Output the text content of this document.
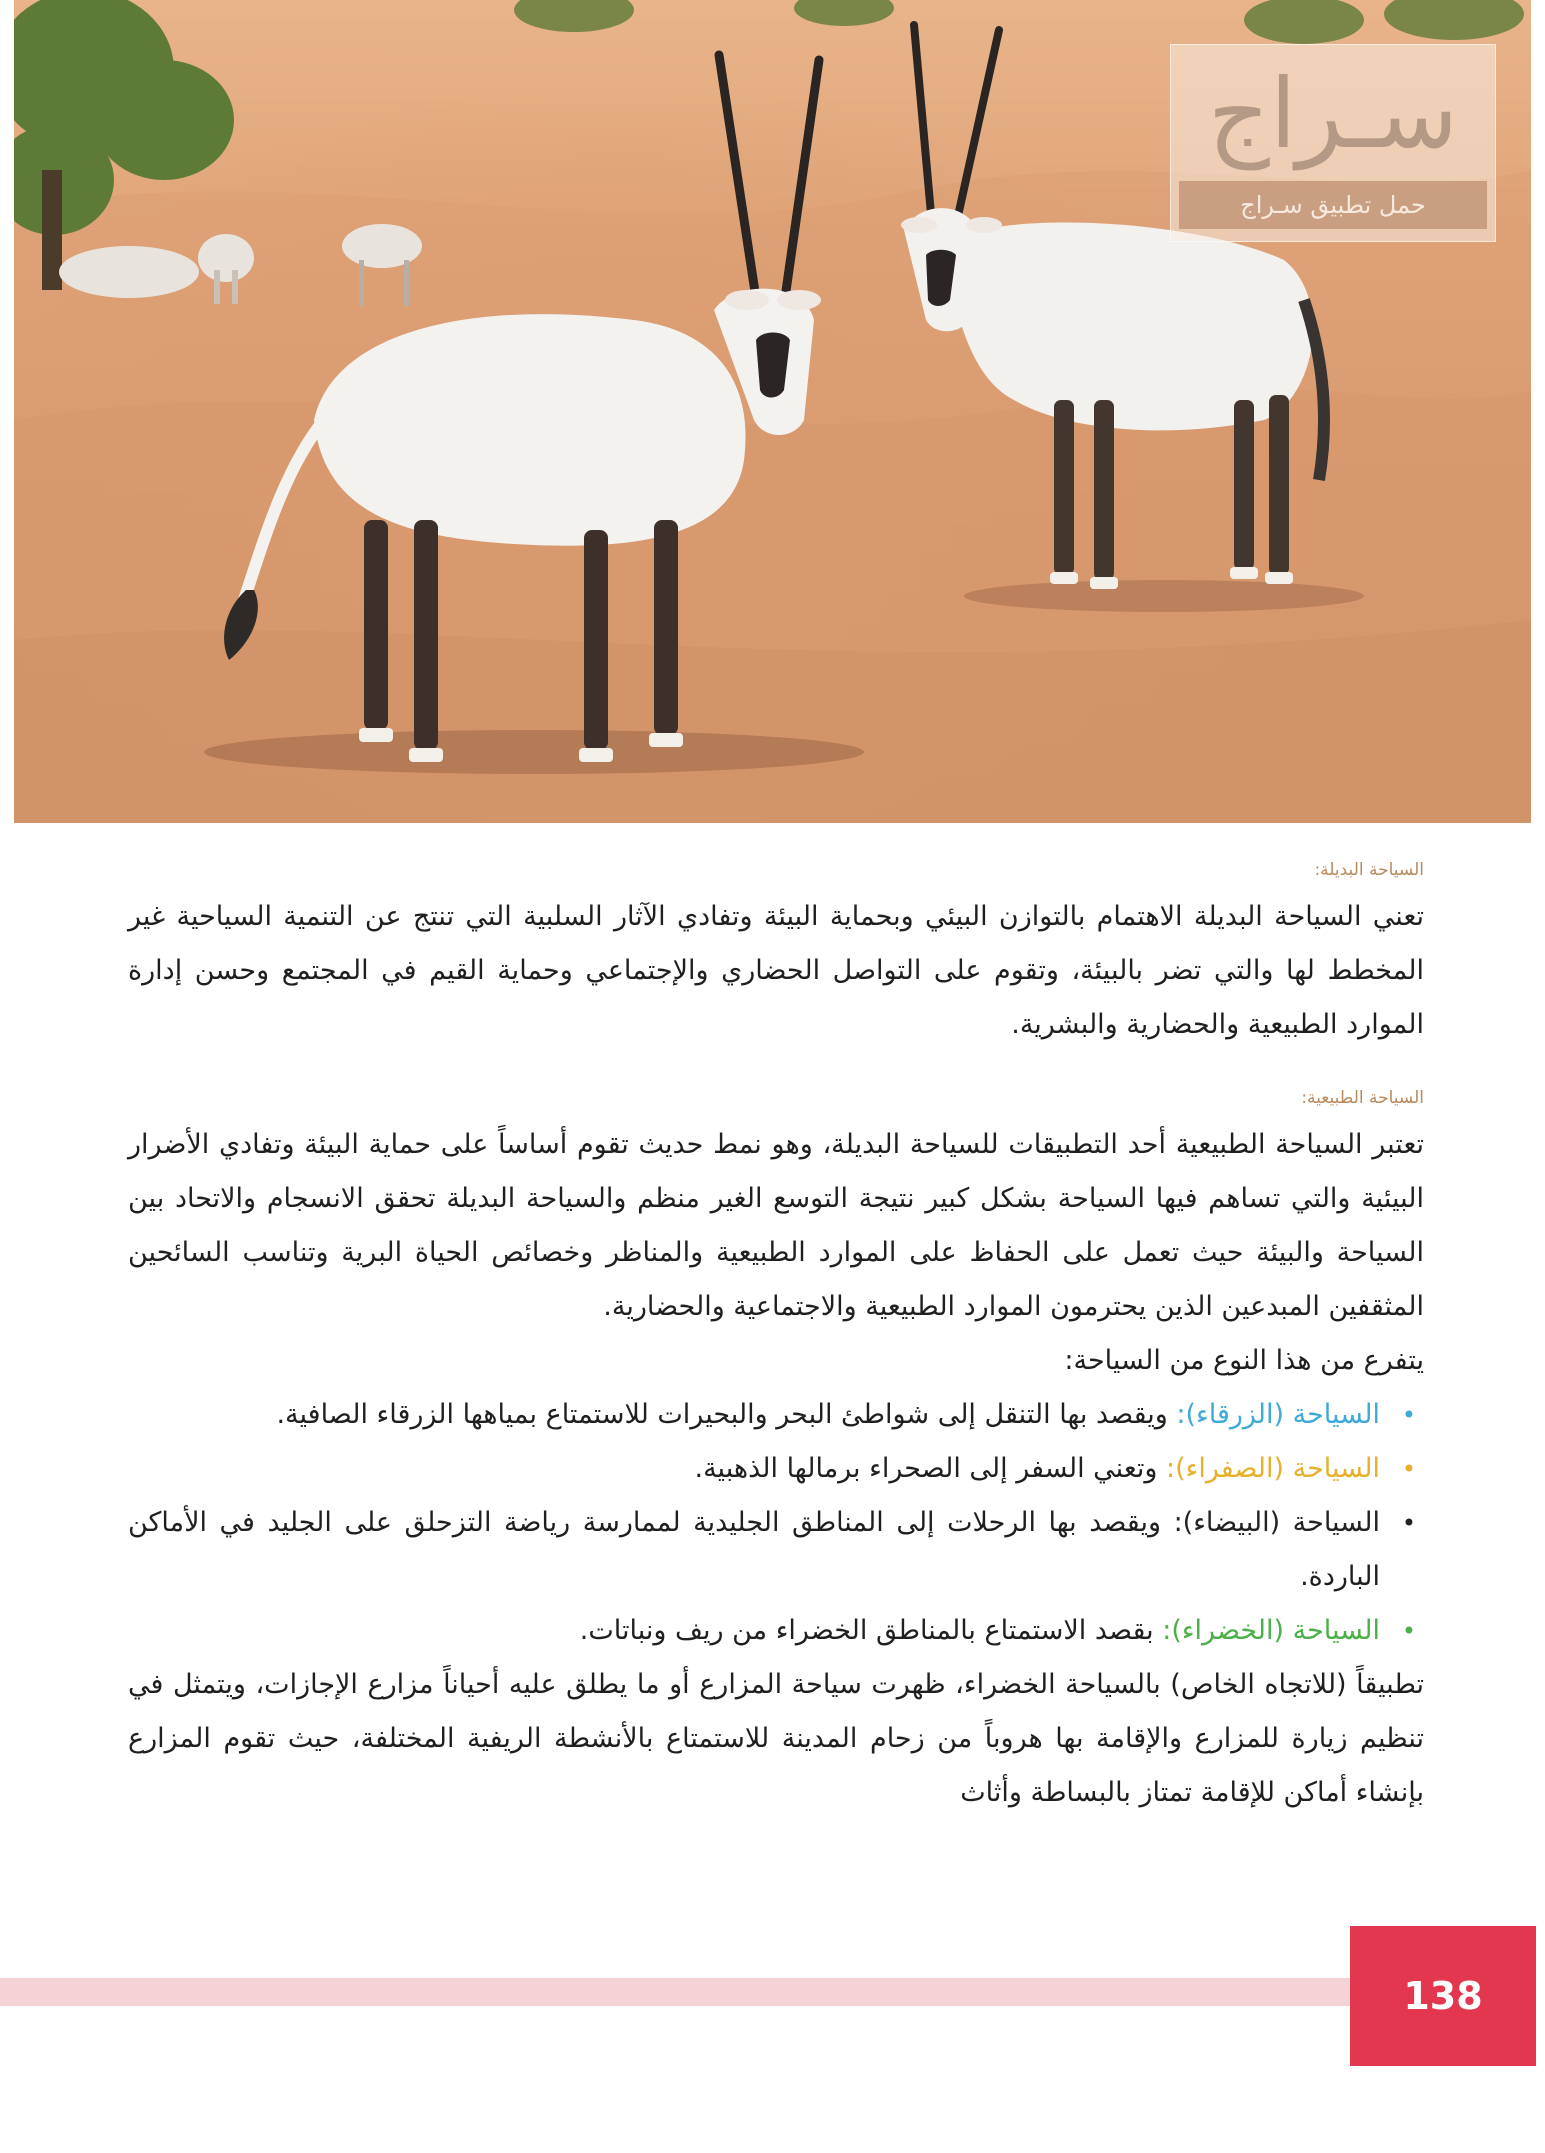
سـراج
حمل تطبيق سـراج
السياحة البديلة:

تعني السياحة البديلة الاهتمام بالتوازن البيئي وبحماية البيئة وتفادي الآثار السلبية التي تنتج عن التنمية السياحية غير المخطط لها والتي تضر بالبيئة، وتقوم على التواصل الحضاري والإجتماعي وحماية القيم في المجتمع وحسن إدارة الموارد الطبيعية والحضارية والبشرية.

السياحة الطبيعية:

تعتبر السياحة الطبيعية أحد التطبيقات للسياحة البديلة، وهو نمط حديث تقوم أساساً على حماية البيئة وتفادي الأضرار البيئية والتي تساهم فيها السياحة بشكل كبير نتيجة التوسع الغير منظم والسياحة البديلة تحقق الانسجام والاتحاد بين السياحة والبيئة حيث تعمل على الحفاظ على الموارد الطبيعية والمناظر وخصائص الحياة البرية وتناسب السائحين المثقفين المبدعين الذين يحترمون الموارد الطبيعية والاجتماعية والحضارية.

يتفرع من هذا النوع من السياحة:

•
السياحة (الزرقاء): ويقصد بها التنقل إلى شواطئ البحر والبحيرات للاستمتاع بمياهها الزرقاء الصافية.
•
السياحة (الصفراء): وتعني السفر إلى الصحراء برمالها الذهبية.
•
السياحة (البيضاء): ويقصد بها الرحلات إلى المناطق الجليدية لممارسة رياضة التزحلق على الجليد في الأماكن الباردة.
•
السياحة (الخضراء): بقصد الاستمتاع بالمناطق الخضراء من ريف ونباتات.

تطبيقاً (للاتجاه الخاص) بالسياحة الخضراء، ظهرت سياحة المزارع أو ما يطلق عليه أحياناً مزارع الإجازات، ويتمثل في تنظيم زيارة للمزارع والإقامة بها هروباً من زحام المدينة للاستمتاع بالأنشطة الريفية المختلفة، حيث تقوم المزارع بإنشاء أماكن للإقامة تمتاز بالبساطة وأثاث

138
